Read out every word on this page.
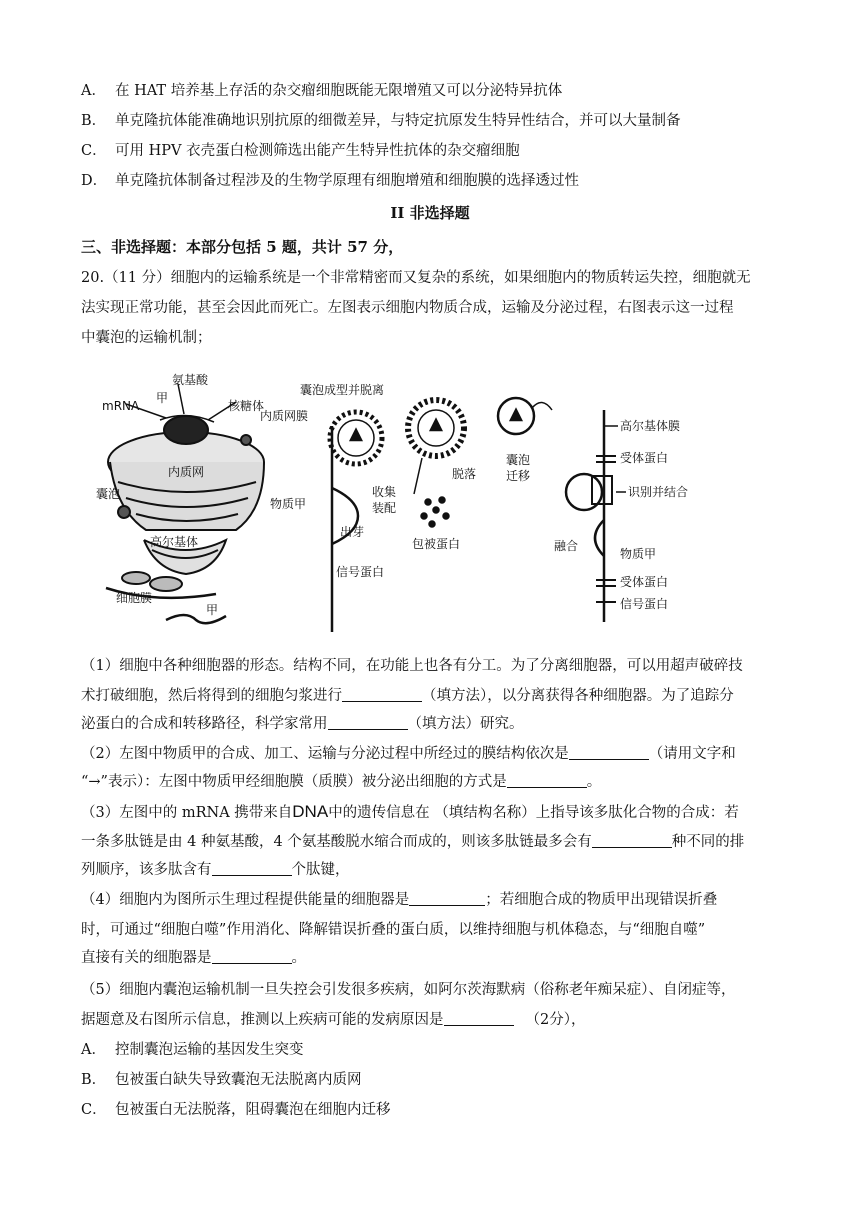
A． 在 HAT 培养基上存活的杂交瘤细胞既能无限增殖又可以分泌特异抗体
B． 单克隆抗体能准确地识别抗原的细微差异，与特定抗原发生特异性结合，并可以大量制备
C． 可用 HPV 衣壳蛋白检测筛选出能产生特异性抗体的杂交瘤细胞
D． 单克隆抗体制备过程涉及的生物学原理有细胞增殖和细胞膜的选择透过性
II 非选择题
三、非选择题：本部分包括 5 题，共计 57 分，
20.（11 分）细胞内的运输系统是一个非常精密而又复杂的系统，如果细胞内的物质转运失控，细胞就无
法实现正常功能，甚至会因此而死亡。左图表示细胞内物质合成，运输及分泌过程，右图表示这一过程
中囊泡的运输机制；
氨基酸
甲
mRNA	核糖体
内质网
囊泡
高尔基体
细胞膜
甲
囊泡成型并脱离
内质网膜
物质甲
出芽
收集
装配
脱落
包被蛋白
信号蛋白
囊泡
迁移
高尔基体膜
受体蛋白
识别并结合
融合
物质甲
受体蛋白
信号蛋白
（1）细胞中各种细胞器的形态。结构不同，在功能上也各有分工。为了分离细胞器，可以用超声破碎技
术打破细胞，然后将得到的细胞匀浆进行	（填方法），以分离获得各种细胞器。为了追踪分
泌蛋白的合成和转移路径，科学家常用	（填方法）研究。
（2）左图中物质甲的合成、加工、运输与分泌过程中所经过的膜结构依次是	（请用文字和
“→”表示）：左图中物质甲经细胞膜（质膜）被分泌出细胞的方式是	。
（3）左图中的 mRNA 携带来自DNA中的遗传信息在 （填结构名称）上指导该多肽化合物的合成：若
一条多肽链是由 4 种氨基酸，4 个氨基酸脱水缩合而成的，则该多肽链最多会有	种不同的排
列顺序，该多肽含有	个肽键，
（4）细胞内为图所示生理过程提供能量的细胞器是	；若细胞合成的物质甲出现错误折叠
时，可通过“细胞白噬”作用消化、降解错误折叠的蛋白质，以维持细胞与机体稳态，与“细胞自噬”
直接有关的细胞器是	。
（5）细胞内囊泡运输机制一旦失控会引发很多疾病，如阿尔茨海默病（俗称老年痴呆症）、自闭症等，
据题意及右图所示信息，推测以上疾病可能的发病原因是	（2分），
A． 控制囊泡运输的基因发生突变
B． 包被蛋白缺失导致囊泡无法脱离内质网
C． 包被蛋白无法脱落，阻碍囊泡在细胞内迁移
